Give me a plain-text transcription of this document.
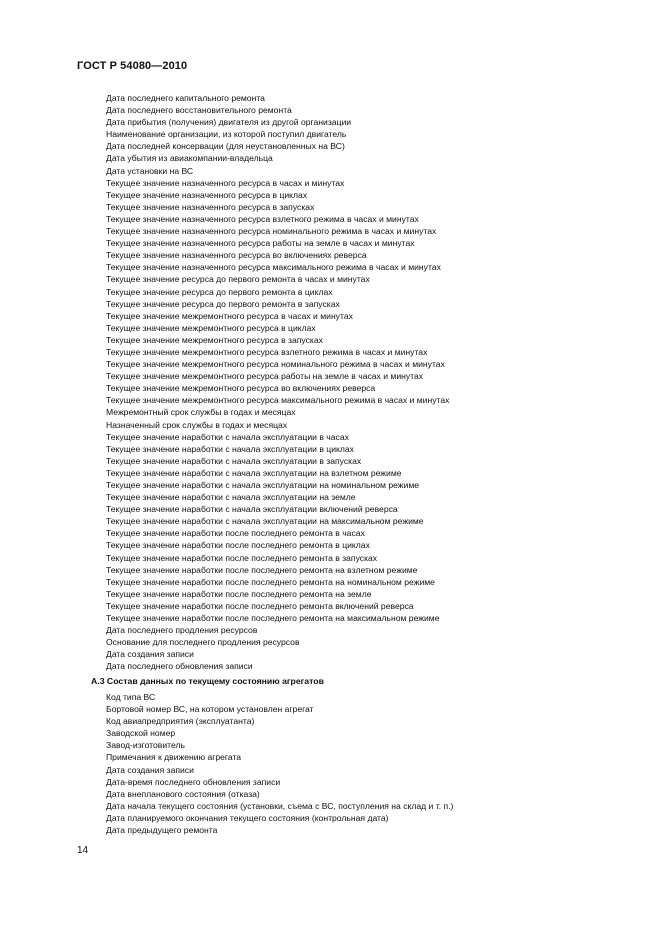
ГОСТ Р 54080—2010
Дата последнего капитального ремонта
Дата последнего восстановительного ремонта
Дата прибытия (получения) двигателя из другой организации
Наименование организации, из которой поступил двигатель
Дата последней консервации (для неустановленных на ВС)
Дата убытия из авиакомпании-владельца
Дата установки на ВС
Текущее значение назначенного ресурса в часах и минутах
Текущее значение назначенного ресурса в циклах
Текущее значение назначенного ресурса в запусках
Текущее значение назначенного ресурса взлетного режима в часах и минутах
Текущее значение назначенного ресурса номинального режима в часах и минутах
Текущее значение назначенного ресурса работы на земле в часах и минутах
Текущее значение назначенного ресурса во включениях реверса
Текущее значение назначенного ресурса максимального режима в часах и минутах
Текущее значение ресурса до первого ремонта в часах и минутах
Текущее значение ресурса до первого ремонта в циклах
Текущее значение ресурса до первого ремонта в запусках
Текущее значение межремонтного ресурса в часах и минутах
Текущее значение межремонтного ресурса в циклах
Текущее значение межремонтного ресурса в запусках
Текущее значение межремонтного ресурса взлетного режима в часах и минутах
Текущее значение межремонтного ресурса номинального режима в часах и минутах
Текущее значение межремонтного ресурса работы на земле в часах и минутах
Текущее значение межремонтного ресурса во включениях реверса
Текущее значение межремонтного ресурса максимального режима в часах и минутах
Межремонтный срок службы в годах и месяцах
Назначенный срок службы в годах и месяцах
Текущее значение наработки с начала эксплуатации в часах
Текущее значение наработки с начала эксплуатации в циклах
Текущее значение наработки с начала эксплуатации в запусках
Текущее значение наработки с начала эксплуатации на взлетном режиме
Текущее значение наработки с начала эксплуатации на номинальном режиме
Текущее значение наработки с начала эксплуатации на земле
Текущее значение наработки с начала эксплуатации включений реверса
Текущее значение наработки с начала эксплуатации на максимальном режиме
Текущее значение наработки после последнего ремонта в часах
Текущее значение наработки после последнего ремонта в циклах
Текущее значение наработки после последнего ремонта в запусках
Текущее значение наработки после последнего ремонта на взлетном режиме
Текущее значение наработки после последнего ремонта на номинальном режиме
Текущее значение наработки после последнего ремонта на земле
Текущее значение наработки после последнего ремонта включений реверса
Текущее значение наработки после последнего ремонта на максимальном режиме
Дата последнего продления ресурсов
Основание для последнего продления ресурсов
Дата создания записи
Дата последнего обновления записи
А.3 Состав данных по текущему состоянию агрегатов
Код типа ВС
Бортовой номер ВС, на котором установлен агрегат
Код авиапредприятия (эксплуатанта)
Заводской номер
Завод-изготовитель
Примечания к движению агрегата
Дата создания записи
Дата-время последнего обновления записи
Дата внепланового состояния (отказа)
Дата начала текущего состояния (установки, съема с ВС, поступления на склад и т. п.)
Дата планируемого окончания текущего состояния (контрольная дата)
Дата предыдущего ремонта
14
